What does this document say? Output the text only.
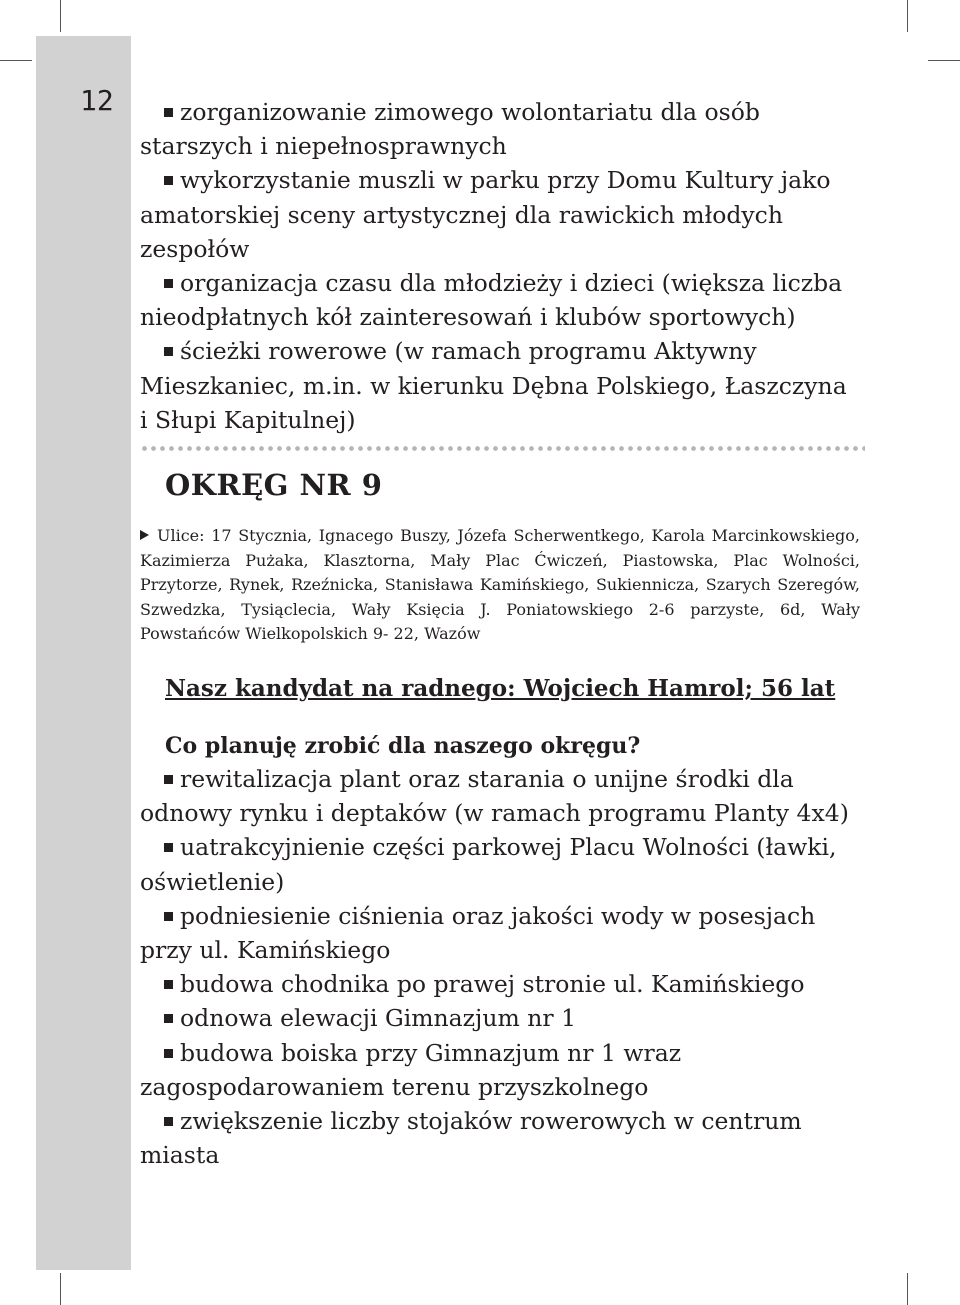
12	zorganizowanie zimowego wolontariatu dla osób starszych i niepełnosprawnych

wykorzystanie muszli w parku przy Domu Kultury jako amatorskiej sceny artystycznej dla rawickich młodych zespołów

organizacja czasu dla młodzieży i dzieci (większa liczba nieodpłatnych kół zainteresowań i klubów sportowych)

ścieżki rowerowe (w ramach programu Aktywny Mieszkaniec, m.in. w kierunku Dębna Polskiego, Łaszczyna i Słupi Kapitulnej)

OKRĘG NR 9
Ulice: 17 Stycznia, Ignacego Buszy, Józefa Scherwentkego, Karola Marcinkowskiego, Kazimierza Pużaka, Klasztorna, Mały Plac Ćwiczeń, Piastowska, Plac Wolności, Przytorze, Rynek, Rzeźnicka, Stanisława Kamińskiego, Sukiennicza, Szarych Szeregów, Szwedzka, Tysiąclecia, Wały Księcia J. Poniatowskiego 2-6 parzyste, 6d, Wały Powstańców Wielkopolskich 9- 22, Wazów
Nasz kandydat na radnego: Wojciech Hamrol; 56 lat
Co planuję zrobić dla naszego okręgu?

rewitalizacja plant oraz starania o unijne środki dla odnowy rynku i deptaków (w ramach programu Planty 4x4)

uatrakcyjnienie części parkowej Placu Wolności (ławki, oświetlenie)

podniesienie ciśnienia oraz jakości wody w posesjach przy ul. Kamińskiego

budowa chodnika po prawej stronie ul. Kamińskiego

odnowa elewacji Gimnazjum nr 1

budowa boiska przy Gimnazjum nr 1 wraz zagospodarowaniem terenu przyszkolnego

zwiększenie liczby stojaków rowerowych w centrum miasta
